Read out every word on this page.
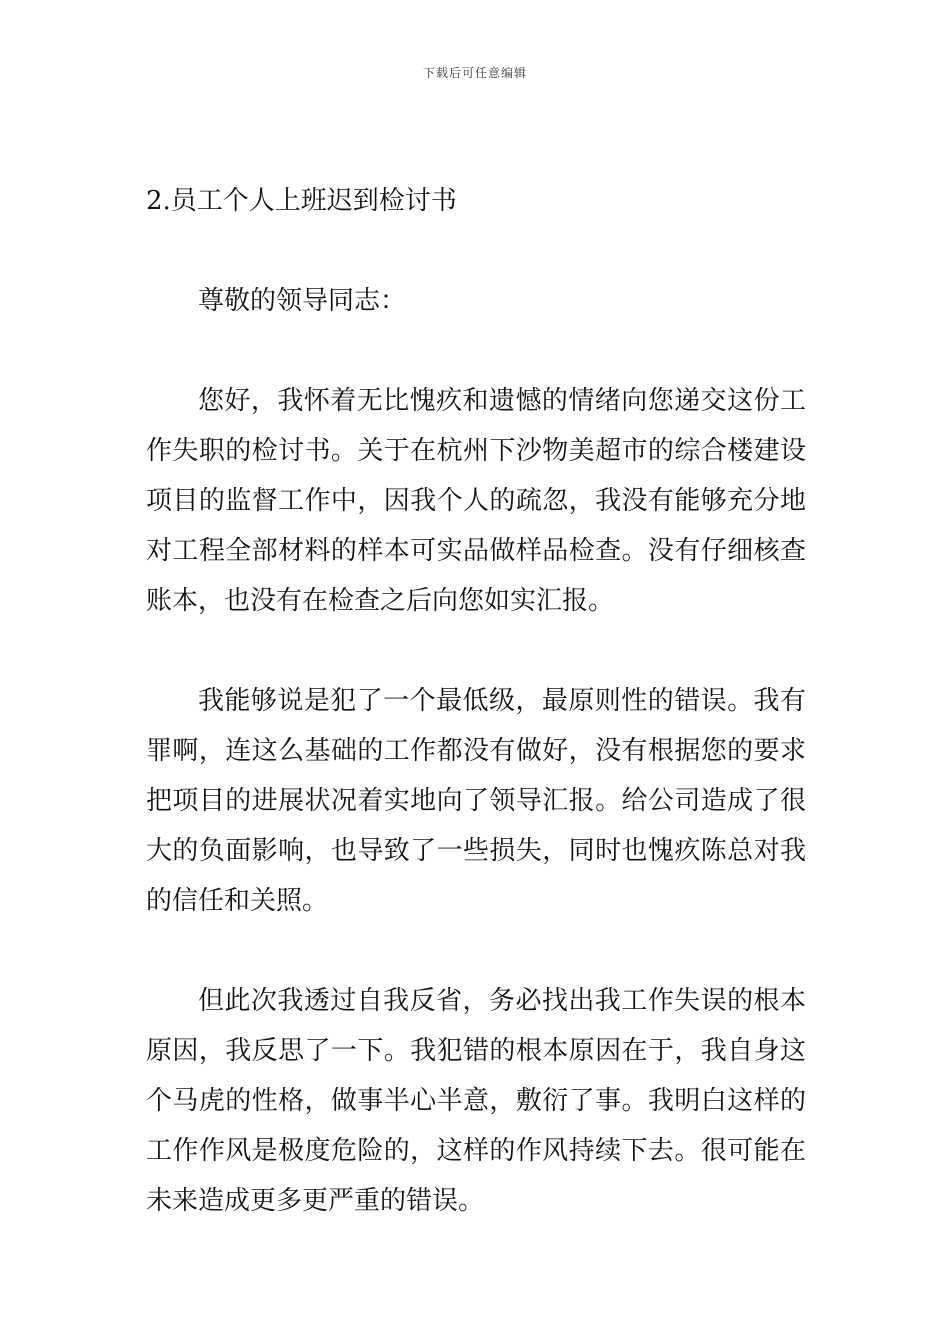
下载后可任意编辑
2.员工个人上班迟到检讨书

尊敬的领导同志：

您好，我怀着无比愧疚和遗憾的情绪向您递交这份工作失职的检讨书。关于在杭州下沙物美超市的综合楼建设项目的监督工作中，因我个人的疏忽，我没有能够充分地对工程全部材料的样本可实品做样品检查。没有仔细核查账本，也没有在检查之后向您如实汇报。

我能够说是犯了一个最低级，最原则性的错误。我有罪啊，连这么基础的工作都没有做好，没有根据您的要求把项目的进展状况着实地向了领导汇报。给公司造成了很大的负面影响，也导致了一些损失，同时也愧疚陈总对我的信任和关照。

但此次我透过自我反省，务必找出我工作失误的根本原因，我反思了一下。我犯错的根本原因在于，我自身这个马虎的性格，做事半心半意，敷衍了事。我明白这样的工作作风是极度危险的，这样的作风持续下去。很可能在未来造成更多更严重的错误。
